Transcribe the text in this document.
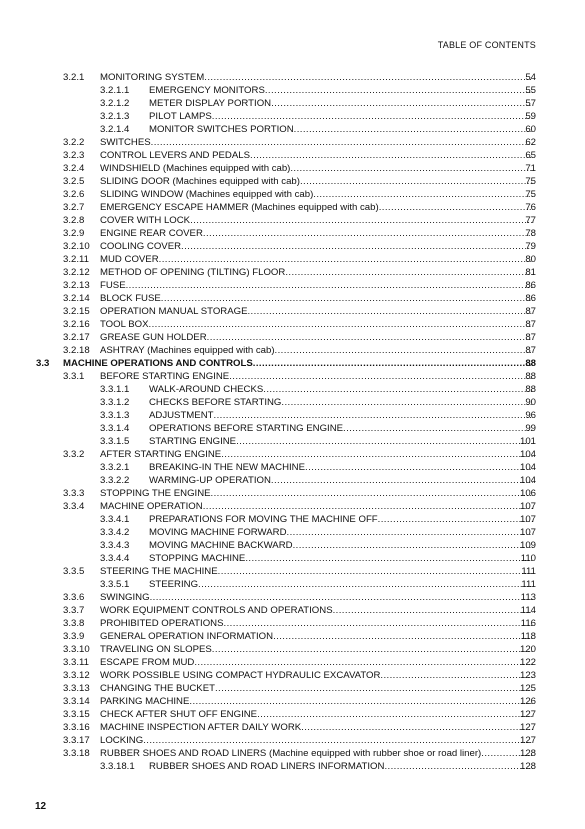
TABLE OF CONTENTS
3.2.1 MONITORING SYSTEM .....	54
3.2.1.1 EMERGENCY MONITORS .....	55
3.2.1.2 METER DISPLAY PORTION .....	57
3.2.1.3 PILOT LAMPS .....	59
3.2.1.4 MONITOR SWITCHES PORTION .....	60
3.2.2 SWITCHES .....	62
3.2.3 CONTROL LEVERS AND PEDALS .....	65
3.2.4 WINDSHIELD (Machines equipped with cab) .....	71
3.2.5 SLIDING DOOR (Machines equipped with cab) .....	75
3.2.6 SLIDING WINDOW (Machines equipped with cab) .....	75
3.2.7 EMERGENCY ESCAPE HAMMER (Machines equipped with cab) .....	76
3.2.8 COVER WITH LOCK .....	77
3.2.9 ENGINE REAR COVER .....	78
3.2.10 COOLING COVER .....	79
3.2.11 MUD COVER .....	80
3.2.12 METHOD OF OPENING (TILTING) FLOOR .....	81
3.2.13 FUSE .....	86
3.2.14 BLOCK FUSE .....	86
3.2.15 OPERATION MANUAL STORAGE .....	87
3.2.16 TOOL BOX .....	87
3.2.17 GREASE GUN HOLDER .....	87
3.2.18 ASHTRAY (Machines equipped with cab) .....	87
3.3 MACHINE OPERATIONS AND CONTROLS .....	88
3.3.1 BEFORE STARTING ENGINE .....	88
3.3.1.1 WALK-AROUND CHECKS .....	88
3.3.1.2 CHECKS BEFORE STARTING .....	90
3.3.1.3 ADJUSTMENT .....	96
3.3.1.4 OPERATIONS BEFORE STARTING ENGINE .....	99
3.3.1.5 STARTING ENGINE .....	101
3.3.2 AFTER STARTING ENGINE .....	104
3.3.2.1 BREAKING-IN THE NEW MACHINE .....	104
3.3.2.2 WARMING-UP OPERATION .....	104
3.3.3 STOPPING THE ENGINE .....	106
3.3.4 MACHINE OPERATION .....	107
3.3.4.1 PREPARATIONS FOR MOVING THE MACHINE OFF .....	107
3.3.4.2 MOVING MACHINE FORWARD .....	107
3.3.4.3 MOVING MACHINE BACKWARD .....	109
3.3.4.4 STOPPING MACHINE .....	110
3.3.5 STEERING THE MACHINE .....	111
3.3.5.1 STEERING .....	111
3.3.6 SWINGING .....	113
3.3.7 WORK EQUIPMENT CONTROLS AND OPERATIONS .....	114
3.3.8 PROHIBITED OPERATIONS .....	116
3.3.9 GENERAL OPERATION INFORMATION .....	118
3.3.10 TRAVELING ON SLOPES .....	120
3.3.11 ESCAPE FROM MUD .....	122
3.3.12 WORK POSSIBLE USING COMPACT HYDRAULIC EXCAVATOR .....	123
3.3.13 CHANGING THE BUCKET .....	125
3.3.14 PARKING MACHINE .....	126
3.3.15 CHECK AFTER SHUT OFF ENGINE .....	127
3.3.16 MACHINE INSPECTION AFTER DAILY WORK .....	127
3.3.17 LOCKING .....	127
3.3.18 RUBBER SHOES AND ROAD LINERS (Machine equipped with rubber shoe or road liner) .....	128
3.3.18.1 RUBBER SHOES AND ROAD LINERS INFORMATION .....	128
12
